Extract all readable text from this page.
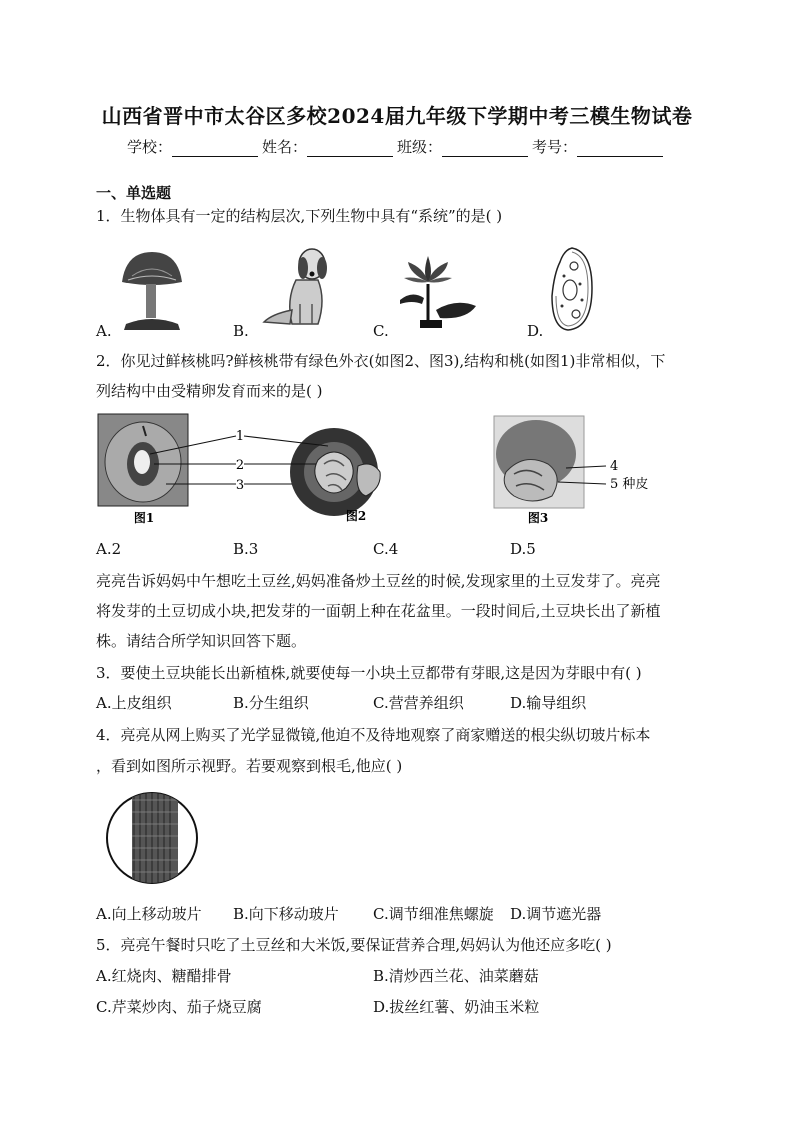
山西省晋中市太谷区多校2024届九年级下学期中考三模生物试卷
学校：	姓名：	班级：	考号：
一、单选题
1．生物体具有一定的结构层次,下列生物中具有“系统”的是( )
A.	B.	C.	D.
2．你见过鲜核桃吗?鲜核桃带有绿色外衣(如图2、图3),结构和桃(如图1)非常相似，下
列结构中由受精卵发育而来的是( )
1
2
3
4
5 种皮
图1	图2	图3
A.2	B.3	C.4	D.5
亮亮告诉妈妈中午想吃土豆丝,妈妈准备炒土豆丝的时候,发现家里的土豆发芽了。亮亮
将发芽的土豆切成小块,把发芽的一面朝上种在花盆里。一段时间后,土豆块长出了新植
株。请结合所学知识回答下题。
3．要使土豆块能长出新植株,就要使每一小块土豆都带有芽眼,这是因为芽眼中有( )
A.上皮组织	B.分生组织	C.营营养组织	D.输导组织
4．亮亮从网上购买了光学显微镜,他迫不及待地观察了商家赠送的根尖纵切玻片标本
，看到如图所示视野。若要观察到根毛,他应( )
A.向上移动玻片 B.向下移动玻片 C.调节细准焦螺旋 D.调节遮光器
5．亮亮午餐时只吃了土豆丝和大米饭,要保证营养合理,妈妈认为他还应多吃( )
A.红烧肉、糖醋排骨	B.清炒西兰花、油菜蘑菇
C.芹菜炒肉、茄子烧豆腐	D.拔丝红薯、奶油玉米粒
